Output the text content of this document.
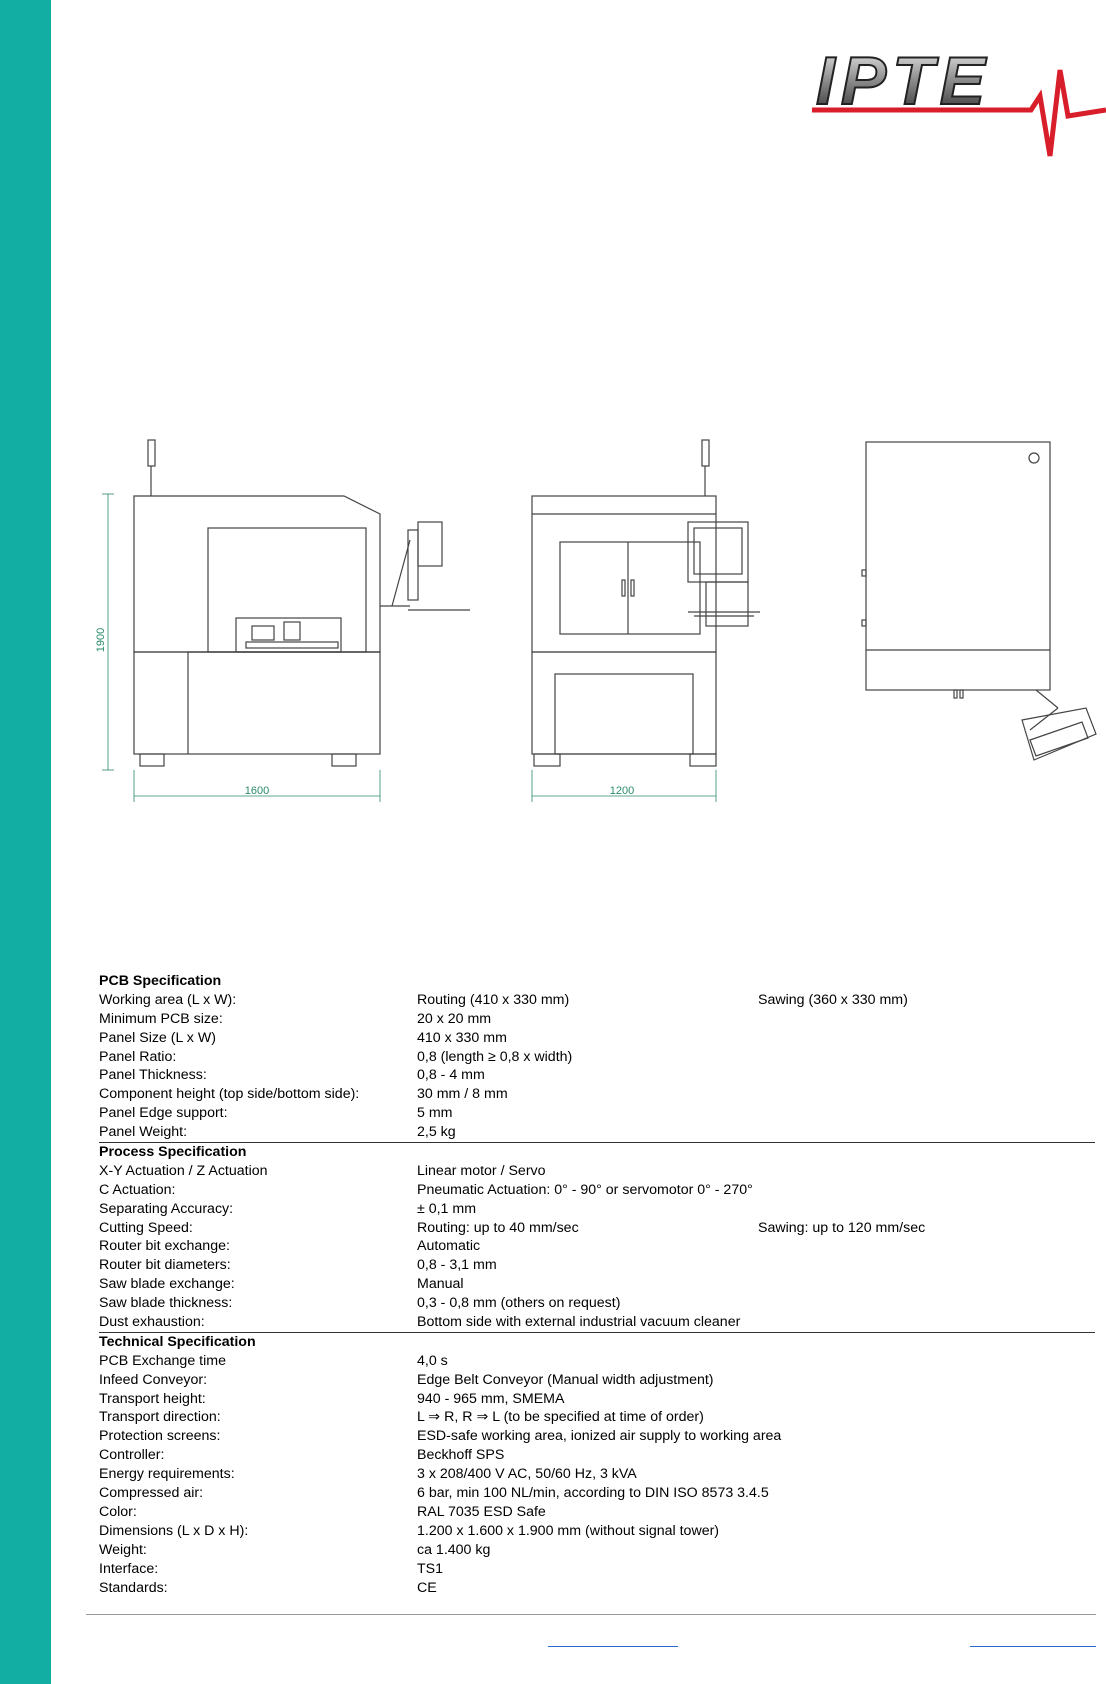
IPTE
1900
1600	1200
PCB Specification
Working area (L x W):	Routing (410 x 330 mm)	Sawing (360 x 330 mm)
Minimum PCB size:	20 x 20 mm
Panel Size (L x W)	410 x 330 mm
Panel Ratio:	0,8 (length ≥ 0,8 x width)
Panel Thickness:	0,8 - 4 mm
Component height (top side/bottom side):	30 mm / 8 mm
Panel Edge support:	5 mm
Panel Weight:	2,5 kg
Process Specification
X-Y Actuation / Z Actuation	Linear motor / Servo
C Actuation:	Pneumatic Actuation: 0° - 90° or servomotor 0° - 270°
Separating Accuracy:	± 0,1 mm
Cutting Speed:	Routing: up to 40 mm/sec	Sawing: up to 120 mm/sec
Router bit exchange:	Automatic
Router bit diameters:	0,8 - 3,1 mm
Saw blade exchange:	Manual
Saw blade thickness:	0,3 - 0,8 mm (others on request)
Dust exhaustion:	Bottom side with external industrial vacuum cleaner
Technical Specification
PCB Exchange time	4,0 s
Infeed Conveyor:	Edge Belt Conveyor (Manual width adjustment)
Transport height:	940 - 965 mm, SMEMA
Transport direction:	L ⇒ R, R ⇒ L (to be specified at time of order)
Protection screens:	ESD-safe working area, ionized air supply to working area
Controller:	Beckhoff SPS
Energy requirements:	3 x 208/400 V AC, 50/60 Hz, 3 kVA
Compressed air:	6 bar, min 100 NL/min, according to DIN ISO 8573 3.4.5
Color:	RAL 7035 ESD Safe
Dimensions (L x D x H):	1.200 x 1.600 x 1.900 mm (without signal tower)
Weight:	ca 1.400 kg
Interface:	TS1
Standards:	CE
